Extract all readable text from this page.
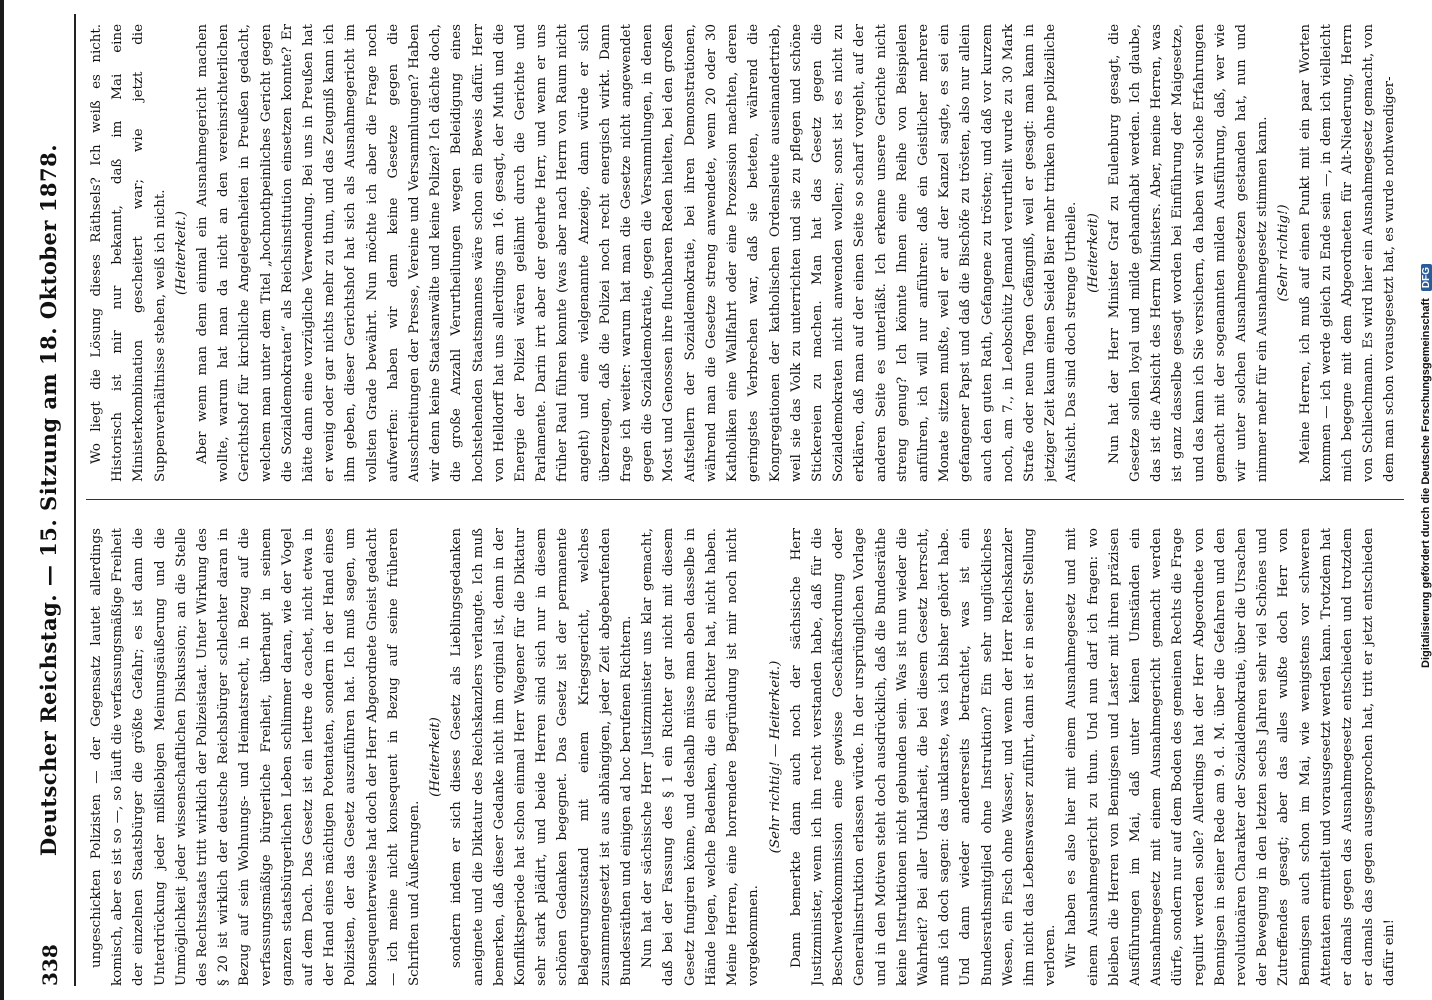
338
Deutscher Reichstag. — 15. Sitzung am 18. Oktober 1878. ungeschickten Polizisten — der Gegensatz lautet allerdings komisch, aber es ist so —, so läuft die verfassungsmäßige Freiheit der einzelnen Staatsbürger die größte Gefahr; es ist dann die Unterdrückung jeder mißliebigen Meinungsäußerung und die Unmöglichkeit jeder wissenschaftlichen Diskussion; an die Stelle des Rechtsstaats tritt wirklich der Polizeistaat. Unter Wirkung des § 20 ist wirklich der deutsche Reichsbürger schlechter daran in Bezug auf sein Wohnungs- und Heimatsrecht, in Bezug auf die verfassungsmäßige bürgerliche Freiheit, überhaupt in seinem ganzen staatsbürgerlichen Leben schlimmer daran, wie der Vogel auf dem Dach. Das Gesetz ist ein lettre de cachet, nicht etwa in der Hand eines mächtigen Potentaten, sondern in der Hand eines Polizisten, der das Gesetz auszuführen hat. Ich muß sagen, um konsequenterweise hat doch der Herr Abgeordnete Gneist gedacht — ich meine nicht konsequent in Bezug auf seine früheren Schriften und Äußerungen.

(Heiterkeit) sondern indem er sich dieses Gesetz als Lieblingsgedanken aneignete und die Diktatur des Reichskanzlers verlangte. Ich muß bemerken, daß dieser Gedanke nicht ihm original ist, denn in der Konfliktsperiode hat schon einmal Herr Wagener für die Diktatur sehr stark plädirt, und beide Herren sind sich nur in diesem schönen Gedanken begegnet. Das Gesetz ist der permanente Belagerungszustand mit einem Kriegsgericht, welches zusammengesetzt ist aus abhängigen, jeder Zeit abgeberufenden Bundesräthen und einigen ad hoc berufenen Richtern. Nun hat der sächsische Herr Justizminister uns klar gemacht, daß bei der Fassung des § 1 ein Richter gar nicht mit diesem Gesetz fungiren könne, und deshalb müsse man eben dasselbe in Hände legen, welche Bedenken, die ein Richter hat, nicht haben. Meine Herren, eine horrendere Begründung ist mir noch nicht vorgekommen.

(Sehr richtig! — Heiterkeit.) Dann bemerkte dann auch noch der sächsische Herr Justizminister, wenn ich ihn recht verstanden habe, daß für die Beschwerdekommission eine gewisse Geschäftsordnung oder Generalinstruktion erlassen würde. In der ursprünglichen Vorlage und in den Motiven steht doch ausdrücklich, daß die Bundesräthe keine Instruktionen nicht gebunden sein. Was ist nun wieder die Wahrheit? Bei aller Unklarheit, die bei diesem Gesetz herrscht, muß ich doch sagen: das unklarste, was ich bisher gehört habe. Und dann wieder andererseits betrachtet, was ist ein Bundesrathsmitglied ohne Instruktion? Ein sehr unglückliches Wesen, ein Fisch ohne Wasser, und wenn der Herr Reichskanzler ihm nicht das Lebenswasser zuführt, dann ist er in seiner Stellung verloren. Wir haben es also hier mit einem Ausnahmegesetz und mit einem Ausnahmegericht zu thun. Und nun darf ich fragen: wo bleiben die Herren von Bennigsen und Laster mit ihren präzisen Ausführungen im Mai, daß unter keinen Umständen ein Ausnahmegesetz mit einem Ausnahmegericht gemacht werden dürfe, sondern nur auf dem Boden des gemeinen Rechts die Frage regulirt werden solle? Allerdings hat der Herr Abgeordnete von Bennigsen in seiner Rede am 9. d. M. über die Gefahren und den revolutionären Charakter der Sozialdemokratie, über die Ursachen der Bewegung in den letzten sechs Jahren sehr viel Schönes und Zutreffendes gesagt; aber das alles wußte doch Herr von Bennigsen auch schon im Mai, wie wenigstens vor schweren Attentaten ermittelt und vorausgesetzt werden kann. Trotzdem hat er damals gegen das Ausnahmegesetz entschieden und trotzdem er damals das gegen ausgesprochen hat, tritt er jetzt entschieden dafür ein!

Wo liegt die Lösung dieses Räthsels? Ich weiß es nicht. Historisch ist mir nur bekannt, daß im Mai eine Ministerkombination gescheitert war; wie jetzt die Suppenverhältnisse stehen, weiß ich nicht. (Heiterkeit.) Aber wenn man denn einmal ein Ausnahmegericht machen wollte, warum hat man da nicht an den vereinsrichterlichen Gerichtshof für kirchliche Angelegenheiten in Preußen gedacht, welchem man unter dem Titel „hochnothpeinliches Gericht gegen die Sozialdemokraten“ als Reichsinstitution einsetzen konnte? Er hätte dann eine vorzügliche Verwendung. Bei uns in Preußen hat er wenig oder gar nichts mehr zu thun, und das Zeugniß kann ich ihm geben, dieser Gerichtshof hat sich als Ausnahmegericht im vollsten Grade bewährt. Nun möchte ich aber die Frage noch aufwerfen: haben wir denn keine Gesetze gegen die Ausschreitungen der Presse, Vereine und Versammlungen? Haben wir denn keine Staatsanwälte und keine Polizei? Ich dächte doch, die große Anzahl Verurtheilungen wegen Beleidigung eines hochstehenden Staatsmannes wäre schon ein Beweis dafür. Herr von Helldorff hat uns allerdings am 16. gesagt, der Muth und die Energie der Polizei wären gelähmt durch die Gerichte und Parlamente. Darin irrt aber der geehrte Herr, und wenn er uns früher Raul führen konnte (was aber nach Herrn von Raum nicht angeht) und eine vielgenannte Anzeige, dann würde er sich überzeugen, daß die Polizei noch recht energisch wirkt. Dann frage ich weiter: warum hat man die Gesetze nicht angewendet gegen die Sozialdemokratie, gegen die Versammlungen, in denen Most und Genossen ihre fluchbaren Reden hielten, bei den großen Aufstellern der Sozialdemokratie, bei ihren Demonstrationen, während man die Gesetze streng anwendete, wenn 20 oder 30 Katholiken eine Wallfahrt oder eine Prozession machten, deren geringstes Verbrechen war, daß sie beteten, während die Kongregationen der katholischen Ordensleute auseinandertrieb, weil sie das Volk zu unterrichten und sie zu pflegen und schöne Stickereien zu machen. Man hat das Gesetz gegen die Sozialdemokraten nicht anwenden wollen; sonst ist es nicht zu erklären, daß man auf der einen Seite so scharf vorgeht, auf der anderen Seite es unterläßt. Ich erkenne unsere Gerichte nicht streng genug? Ich könnte Ihnen eine Reihe von Beispielen anführen, ich will nur anführen: daß ein Geistlicher mehrere Monate sitzen mußte, weil er auf der Kanzel sagte, es sei ein gefangener Papst und daß die Bischöfe zu trösten, also nur allein auch den guten Rath, Gefangene zu trösten; und daß vor kurzem noch, am 7., in Leobschütz Jemand verurtheilt wurde zu 30 Mark Strafe oder neun Tagen Gefängniß, weil er gesagt: man kann in jetziger Zeit kaum einen Seidel Bier mehr trinken ohne polizeiliche Aufsicht. Das sind doch strenge Urtheile. (Heiterkeit) Nun hat der Herr Minister Graf zu Eulenburg gesagt, die Gesetze sollen loyal und milde gehandhabt werden. Ich glaube, das ist die Absicht des Herrn Ministers. Aber, meine Herren, was ist ganz dasselbe gesagt worden bei Einführung der Maigesetze, und das kann ich Sie versichern, da haben wir solche Erfahrungen gemacht mit der sogenannten milden Ausführung, daß, wer wie wir unter solchen Ausnahmegesetzen gestanden hat, nun und nimmer mehr für ein Ausnahmegesetz stimmen kann. (Sehr richtig!) Meine Herren, ich muß auf einen Punkt mit ein paar Worten kommen — ich werde gleich zu Ende sein —, in dem ich vielleicht mich begegne mit dem Abgeordneten für Alt-Niederung, Herrn von Schliechmann. Es wird hier ein Ausnahmegesetz gemacht, von dem man schon vorausgesetzt hat, es wurde nothwendiger-

Digitalisierung gefördert durch die Deutsche Forschungsgemeinschaft DFG
